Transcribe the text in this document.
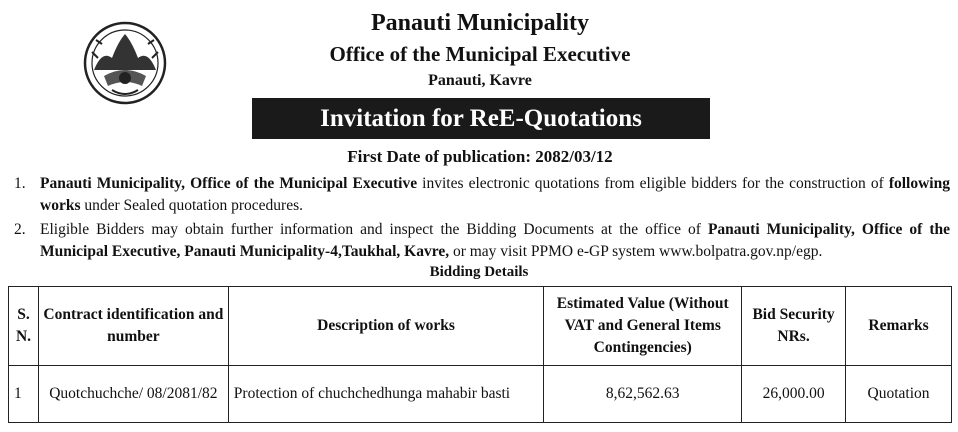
Panauti Municipality
Office of the Municipal Executive
Panauti, Kavre
Invitation for ReE-Quotations
First Date of publication: 2082/03/12
1. Panauti Municipality, Office of the Municipal Executive invites electronic quotations from eligible bidders for the construction of following works under Sealed quotation procedures.
2. Eligible Bidders may obtain further information and inspect the Bidding Documents at the office of Panauti Municipality, Office of the Municipal Executive, Panauti Municipality-4,Taukhal, Kavre, or may visit PPMO e-GP system www.bolpatra.gov.np/egp.
Bidding Details
S. N.	Contract identification and number	Description of works	Estimated Value (Without VAT and General Items Contingencies)	Bid Security NRs.	Remarks
1	Quotchuchche/ 08/2081/82	Protection of chuchchedhunga mahabir basti	8,62,562.63	26,000.00	Quotation
